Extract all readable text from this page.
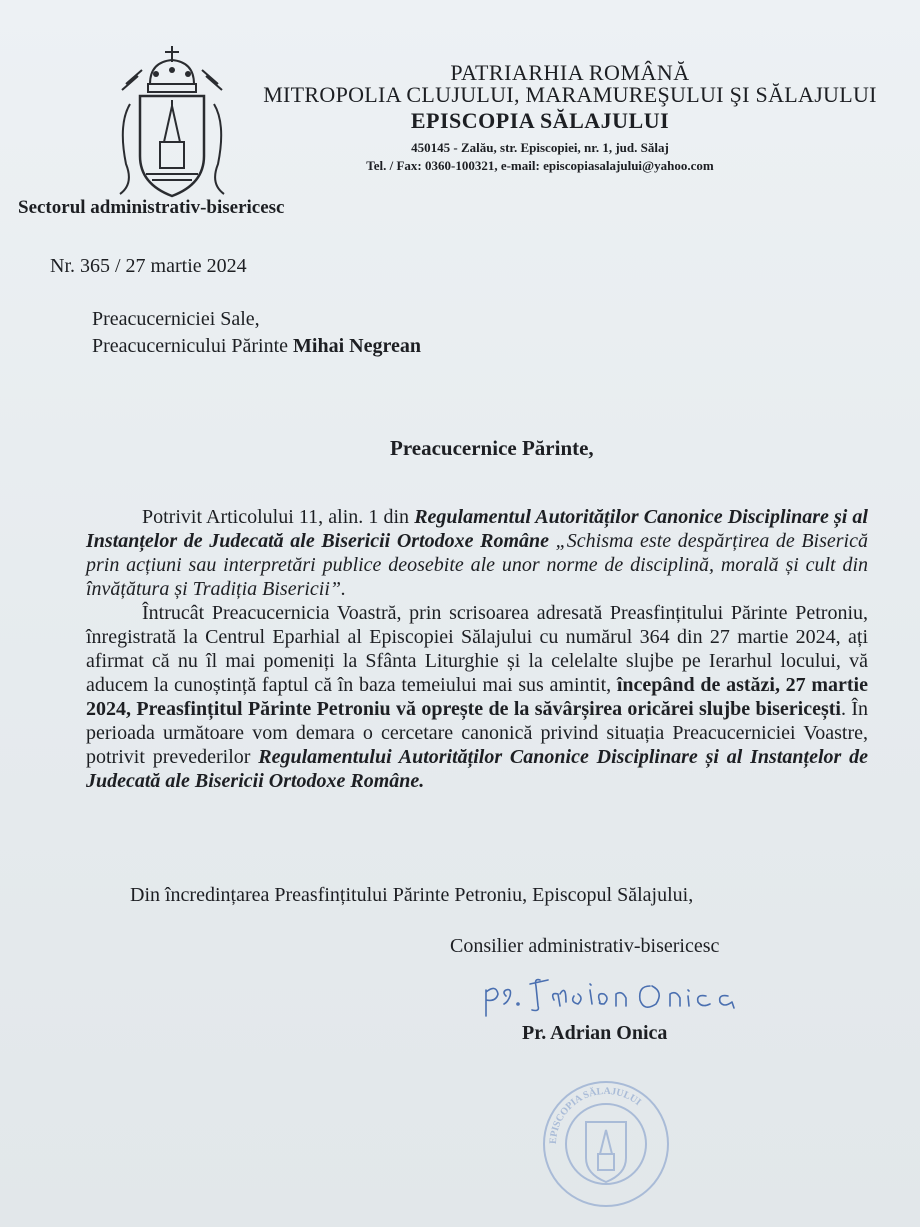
PATRIARHIA ROMÂNĂ
MITROPOLIA CLUJULUI, MARAMUREŞULUI ŞI SĂLAJULUI
EPISCOPIA SĂLAJULUI
450145 - Zalău, str. Episcopiei, nr. 1, jud. Sălaj
Tel. / Fax: 0360-100321, e-mail: episcopiasalajului@yahoo.com
Sectorul administrativ-bisericesc
Nr. 365 / 27 martie 2024
Preacucerniciei Sale,
Preacucernicului Părinte Mihai Negrean
Preacucernice Părinte,

Potrivit Articolului 11, alin. 1 din Regulamentul Autorităților Canonice Disciplinare și al Instanțelor de Judecată ale Bisericii Ortodoxe Române „Schisma este despărțirea de Biserică prin acțiuni sau interpretări publice deosebite ale unor norme de disciplină, morală și cult din învățătura și Tradiția Bisericii”.

Întrucât Preacucernicia Voastră, prin scrisoarea adresată Preasfințitului Părinte Petroniu, înregistrată la Centrul Eparhial al Episcopiei Sălajului cu numărul 364 din 27 martie 2024, ați afirmat că nu îl mai pomeniți la Sfânta Liturghie și la celelalte slujbe pe Ierarhul locului, vă aducem la cunoștință faptul că în baza temeiului mai sus amintit, începând de astăzi, 27 martie 2024, Preasfințitul Părinte Petroniu vă oprește de la săvârșirea oricărei slujbe bisericești. În perioada următoare vom demara o cercetare canonică privind situația Preacucerniciei Voastre, potrivit prevederilor Regulamentului Autorităților Canonice Disciplinare și al Instanțelor de Judecată ale Bisericii Ortodoxe Române.

Din încredințarea Preasfințitului Părinte Petroniu, Episcopul Sălajului,
Consilier administrativ-bisericesc
Pr. Adrian Onica
EPISCOPIA SĂLAJULUI
